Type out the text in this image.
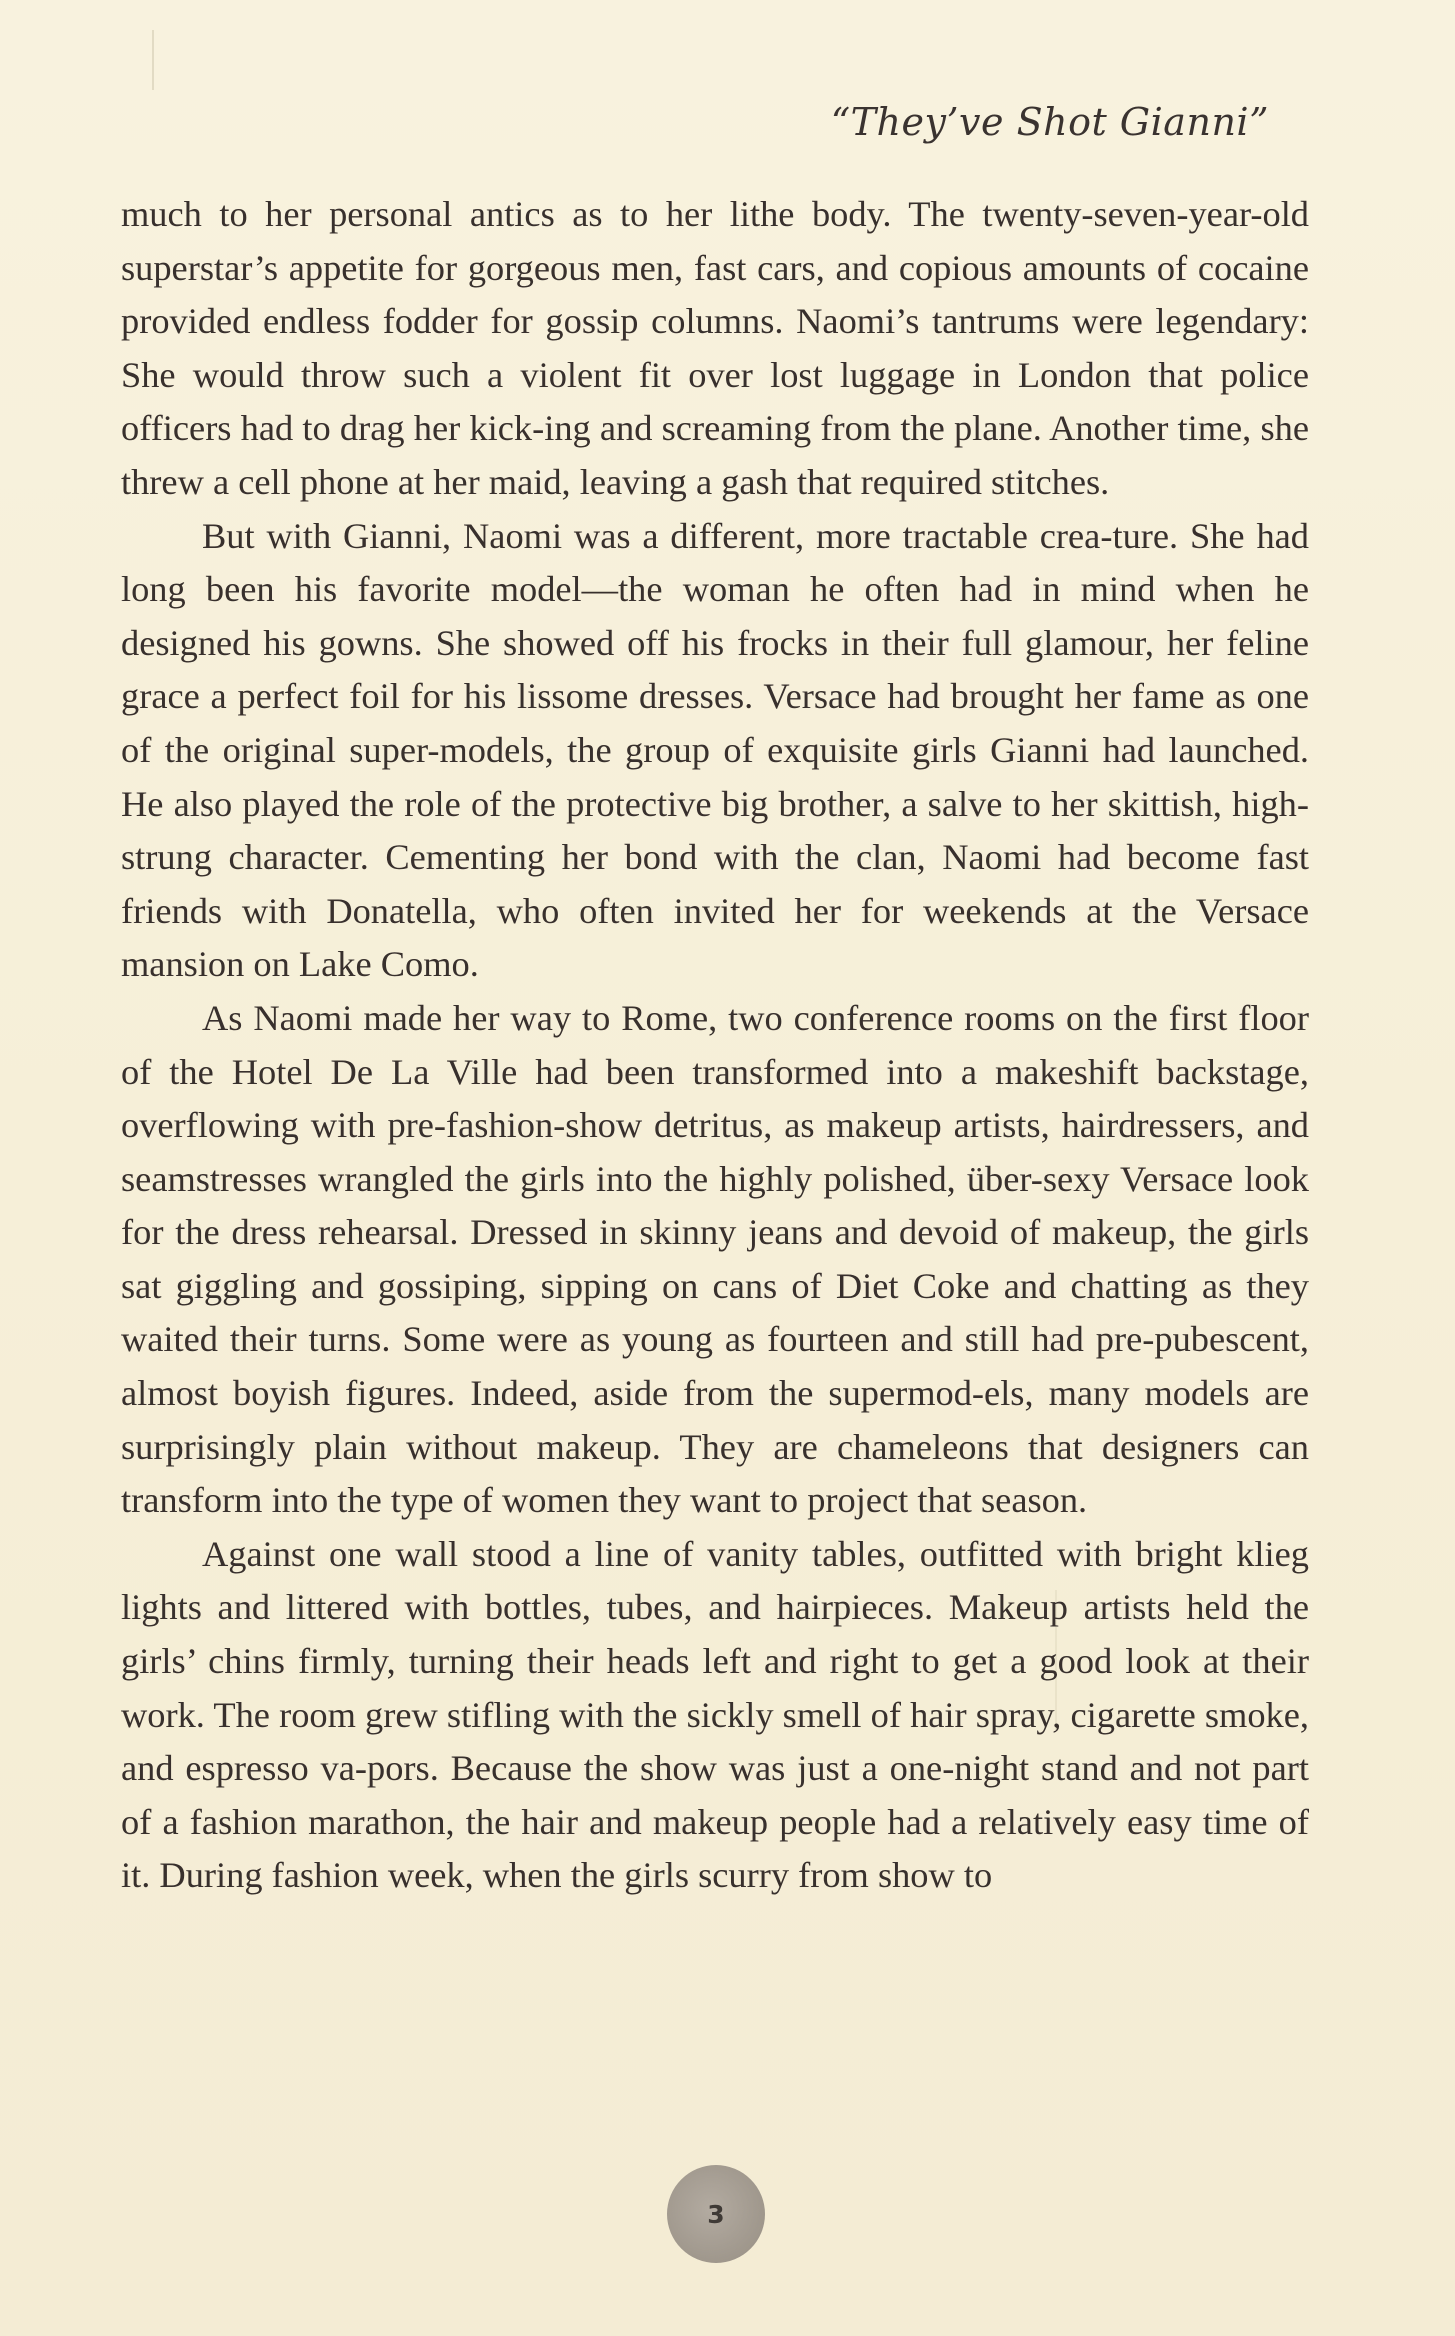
“They’ve Shot Gianni”

much to her personal antics as to her lithe body. The twenty-seven-year-old superstar’s appetite for gorgeous men, fast cars, and copious amounts of cocaine provided endless fodder for gossip columns. Naomi’s tantrums were legendary: She would throw such a violent fit over lost luggage in London that police officers had to drag her kick-ing and screaming from the plane. Another time, she threw a cell phone at her maid, leaving a gash that required stitches.

But with Gianni, Naomi was a different, more tractable crea-ture. She had long been his favorite model—the woman he often had in mind when he designed his gowns. She showed off his frocks in their full glamour, her feline grace a perfect foil for his lissome dresses. Versace had brought her fame as one of the original super-models, the group of exquisite girls Gianni had launched. He also played the role of the protective big brother, a salve to her skittish, high-strung character. Cementing her bond with the clan, Naomi had become fast friends with Donatella, who often invited her for weekends at the Versace mansion on Lake Como.

As Naomi made her way to Rome, two conference rooms on the first floor of the Hotel De La Ville had been transformed into a makeshift backstage, overflowing with pre-fashion-show detritus, as makeup artists, hairdressers, and seamstresses wrangled the girls into the highly polished, über-sexy Versace look for the dress rehearsal. Dressed in skinny jeans and devoid of makeup, the girls sat giggling and gossiping, sipping on cans of Diet Coke and chatting as they waited their turns. Some were as young as fourteen and still had pre-pubescent, almost boyish figures. Indeed, aside from the supermod-els, many models are surprisingly plain without makeup. They are chameleons that designers can transform into the type of women they want to project that season.

Against one wall stood a line of vanity tables, outfitted with bright klieg lights and littered with bottles, tubes, and hairpieces. Makeup artists held the girls’ chins firmly, turning their heads left and right to get a good look at their work. The room grew stifling with the sickly smell of hair spray, cigarette smoke, and espresso va-pors. Because the show was just a one-night stand and not part of a fashion marathon, the hair and makeup people had a relatively easy time of it. During fashion week, when the girls scurry from show to

3
